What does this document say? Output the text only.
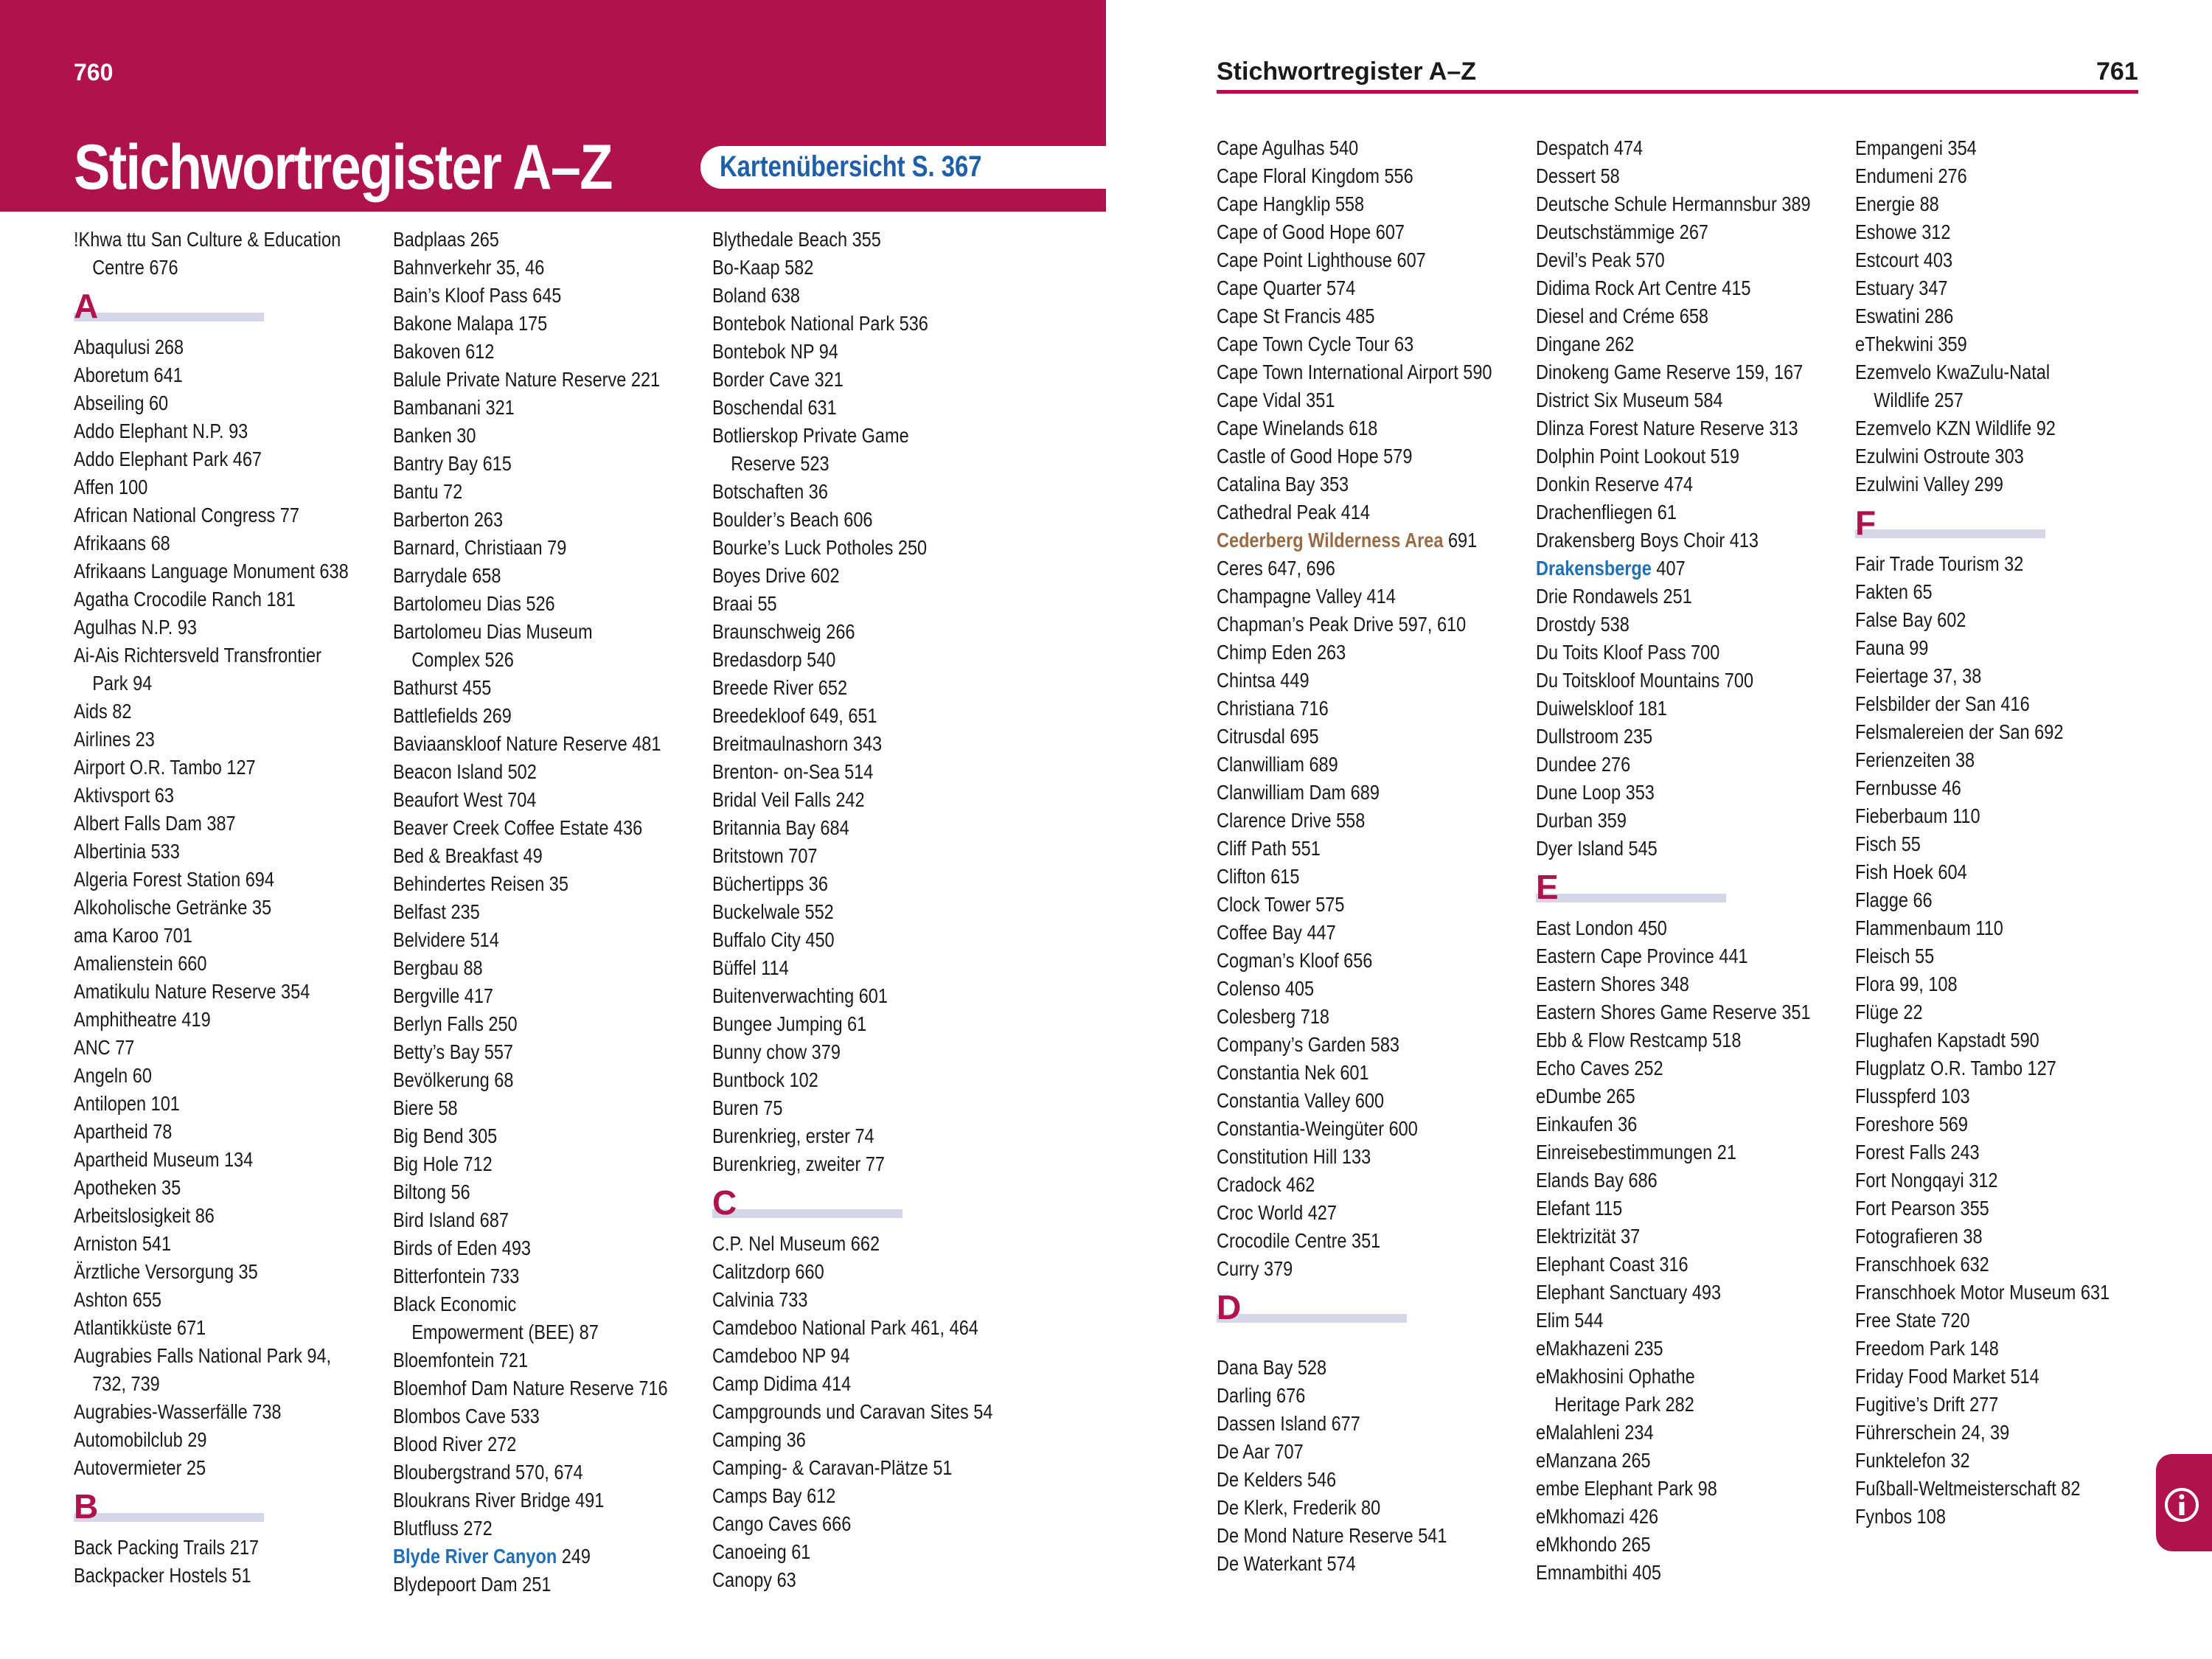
760
Stichwortregister A–Z	Kartenübersicht S. 367
Stichwortregister A–Z	761
!Khwa ttu San Culture & Education
Centre 676
A
Abaqulusi 268
Aboretum 641
Abseiling 60
Addo Elephant N.P. 93
Addo Elephant Park 467
Affen 100
African National Congress 77
Afrikaans 68
Afrikaans Language Monument 638
Agatha Crocodile Ranch 181
Agulhas N.P. 93
Ai-Ais Richtersveld Transfrontier
Park 94
Aids 82
Airlines 23
Airport O.R. Tambo 127
Aktivsport 63
Albert Falls Dam 387
Albertinia 533
Algeria Forest Station 694
Alkoholische Getränke 35
ama Karoo 701
Amalienstein 660
Amatikulu Nature Reserve 354
Amphitheatre 419
ANC 77
Angeln 60
Antilopen 101
Apartheid 78
Apartheid Museum 134
Apotheken 35
Arbeitslosigkeit 86
Arniston 541
Ärztliche Versorgung 35
Ashton 655
Atlantikküste 671
Augrabies Falls National Park 94,
732, 739
Augrabies-Wasserfälle 738
Automobilclub 29
Autovermieter 25
B
Back Packing Trails 217
Backpacker Hostels 51
Badplaas 265
Bahnverkehr 35, 46
Bain’s Kloof Pass 645
Bakone Malapa 175
Bakoven 612
Balule Private Nature Reserve 221
Bambanani 321
Banken 30
Bantry Bay 615
Bantu 72
Barberton 263
Barnard, Christiaan 79
Barrydale 658
Bartolomeu Dias 526
Bartolomeu Dias Museum
Complex 526
Bathurst 455
Battlefields 269
Baviaanskloof Nature Reserve 481
Beacon Island 502
Beaufort West 704
Beaver Creek Coffee Estate 436
Bed & Breakfast 49
Behindertes Reisen 35
Belfast 235
Belvidere 514
Bergbau 88
Bergville 417
Berlyn Falls 250
Betty’s Bay 557
Bevölkerung 68
Biere 58
Big Bend 305
Big Hole 712
Biltong 56
Bird Island 687
Birds of Eden 493
Bitterfontein 733
Black Economic
Empowerment (BEE) 87
Bloemfontein 721
Bloemhof Dam Nature Reserve 716
Blombos Cave 533
Blood River 272
Bloubergstrand 570, 674
Bloukrans River Bridge 491
Blutfluss 272
Blyde River Canyon 249
Blydepoort Dam 251
Blythedale Beach 355
Bo-Kaap 582
Boland 638
Bontebok National Park 536
Bontebok NP 94
Border Cave 321
Boschendal 631
Botlierskop Private Game
Reserve 523
Botschaften 36
Boulder’s Beach 606
Bourke’s Luck Potholes 250
Boyes Drive 602
Braai 55
Braunschweig 266
Bredasdorp 540
Breede River 652
Breedekloof 649, 651
Breitmaulnashorn 343
Brenton- on-Sea 514
Bridal Veil Falls 242
Britannia Bay 684
Britstown 707
Büchertipps 36
Buckelwale 552
Buffalo City 450
Büffel 114
Buitenverwachting 601
Bungee Jumping 61
Bunny chow 379
Buntbock 102
Buren 75
Burenkrieg, erster 74
Burenkrieg, zweiter 77
C
C.P. Nel Museum 662
Calitzdorp 660
Calvinia 733
Camdeboo National Park 461, 464
Camdeboo NP 94
Camp Didima 414
Campgrounds und Caravan Sites 54
Camping 36
Camping- & Caravan-Plätze 51
Camps Bay 612
Cango Caves 666
Canoeing 61
Canopy 63
Cape Agulhas 540
Cape Floral Kingdom 556
Cape Hangklip 558
Cape of Good Hope 607
Cape Point Lighthouse 607
Cape Quarter 574
Cape St Francis 485
Cape Town Cycle Tour 63
Cape Town International Airport 590
Cape Vidal 351
Cape Winelands 618
Castle of Good Hope 579
Catalina Bay 353
Cathedral Peak 414
Cederberg Wilderness Area 691
Ceres 647, 696
Champagne Valley 414
Chapman’s Peak Drive 597, 610
Chimp Eden 263
Chintsa 449
Christiana 716
Citrusdal 695
Clanwilliam 689
Clanwilliam Dam 689
Clarence Drive 558
Cliff Path 551
Clifton 615
Clock Tower 575
Coffee Bay 447
Cogman’s Kloof 656
Colenso 405
Colesberg 718
Company’s Garden 583
Constantia Nek 601
Constantia Valley 600
Constantia-Weingüter 600
Constitution Hill 133
Cradock 462
Croc World 427
Crocodile Centre 351
Curry 379
D
Dana Bay 528
Darling 676
Dassen Island 677
De Aar 707
De Kelders 546
De Klerk, Frederik 80
De Mond Nature Reserve 541
De Waterkant 574
Despatch 474
Dessert 58
Deutsche Schule Hermannsbur 389
Deutschstämmige 267
Devil’s Peak 570
Didima Rock Art Centre 415
Diesel and Créme 658
Dingane 262
Dinokeng Game Reserve 159, 167
District Six Museum 584
Dlinza Forest Nature Reserve 313
Dolphin Point Lookout 519
Donkin Reserve 474
Drachenfliegen 61
Drakensberg Boys Choir 413
Drakensberge 407
Drie Rondawels 251
Drostdy 538
Du Toits Kloof Pass 700
Du Toitskloof Mountains 700
Duiwelskloof 181
Dullstroom 235
Dundee 276
Dune Loop 353
Durban 359
Dyer Island 545
E
East London 450
Eastern Cape Province 441
Eastern Shores 348
Eastern Shores Game Reserve 351
Ebb & Flow Restcamp 518
Echo Caves 252
eDumbe 265
Einkaufen 36
Einreisebestimmungen 21
Elands Bay 686
Elefant 115
Elektrizität 37
Elephant Coast 316
Elephant Sanctuary 493
Elim 544
eMakhazeni 235
eMakhosini Ophathe
Heritage Park 282
eMalahleni 234
eManzana 265
embe Elephant Park 98
eMkhomazi 426
eMkhondo 265
Emnambithi 405
Empangeni 354
Endumeni 276
Energie 88
Eshowe 312
Estcourt 403
Estuary 347
Eswatini 286
eThekwini 359
Ezemvelo KwaZulu-Natal
Wildlife 257
Ezemvelo KZN Wildlife 92
Ezulwini Ostroute 303
Ezulwini Valley 299
F
Fair Trade Tourism 32
Fakten 65
False Bay 602
Fauna 99
Feiertage 37, 38
Felsbilder der San 416
Felsmalereien der San 692
Ferienzeiten 38
Fernbusse 46
Fieberbaum 110
Fisch 55
Fish Hoek 604
Flagge 66
Flammenbaum 110
Fleisch 55
Flora 99, 108
Flüge 22
Flughafen Kapstadt 590
Flugplatz O.R. Tambo 127
Flusspferd 103
Foreshore 569
Forest Falls 243
Fort Nongqayi 312
Fort Pearson 355
Fotografieren 38
Franschhoek 632
Franschhoek Motor Museum 631
Free State 720
Freedom Park 148
Friday Food Market 514
Fugitive’s Drift 277
Führerschein 24, 39
Funktelefon 32
Fußball-Weltmeisterschaft 82
Fynbos 108
